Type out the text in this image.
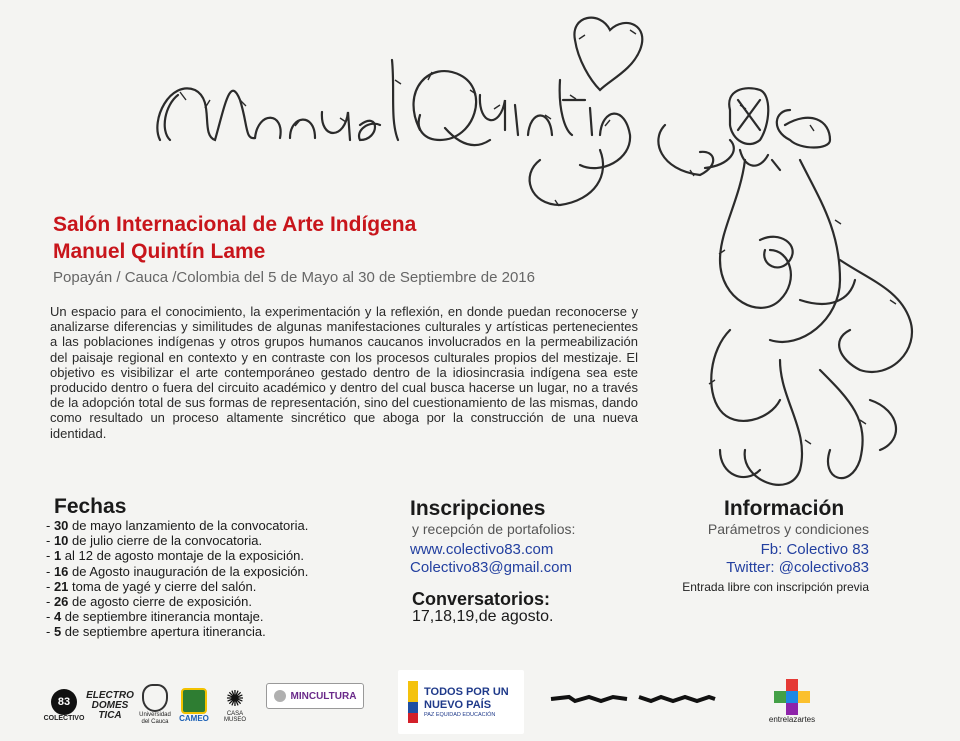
Salón Internacional de Arte Indígena
Manuel Quintín Lame
Popayán / Cauca /Colombia del 5 de Mayo al 30 de Septiembre de 2016
Un espacio para el conocimiento, la experimentación y la reflexión, en donde puedan reconocerse y analizarse diferencias y similitudes de algunas manifestaciones culturales y artísticas pertenecientes a las poblaciones indígenas y otros grupos humanos caucanos involucrados en la permeabilización del paisaje regional en contexto y en contraste con los procesos culturales propios del mestizaje. El objetivo es visibilizar el arte contemporáneo gestado dentro de la idiosincrasia indígena sea este producido dentro o fuera del circuito académico y dentro del cual busca hacerse un lugar, no a través de la adopción total de sus formas de representación, sino del cuestionamiento de las mismas, dando como resultado un proceso altamente sincrético que aboga por la construcción de una nueva identidad.
Fechas
- 30 de mayo lanzamiento de la convocatoria.
- 10 de julio cierre de la convocatoria.
- 1 al 12 de agosto montaje de la exposición.
- 16 de Agosto inauguración de la exposición.
- 21 toma de yagé y cierre del salón.
- 26 de agosto cierre de exposición.
- 4 de septiembre itinerancia montaje.
- 5 de septiembre apertura itinerancia.
Inscripciones
y recepción de portafolios:
www.colectivo83.com
Colectivo83@gmail.com
Conversatorios:
17,18,19,de agosto.
Información
Parámetros y condiciones
Fb: Colectivo 83
Twitter: @colectivo83
Entrada libre con inscripción previa
83
COLECTIVO
ELECTRO DOMES TICA	Universidad del Cauca	CAMEO
✺
CASA MUSEO
MINCULTURA	TODOS POR UN NUEVO PAÍS
PAZ EQUIDAD EDUCACIÓN	entrelazartes
